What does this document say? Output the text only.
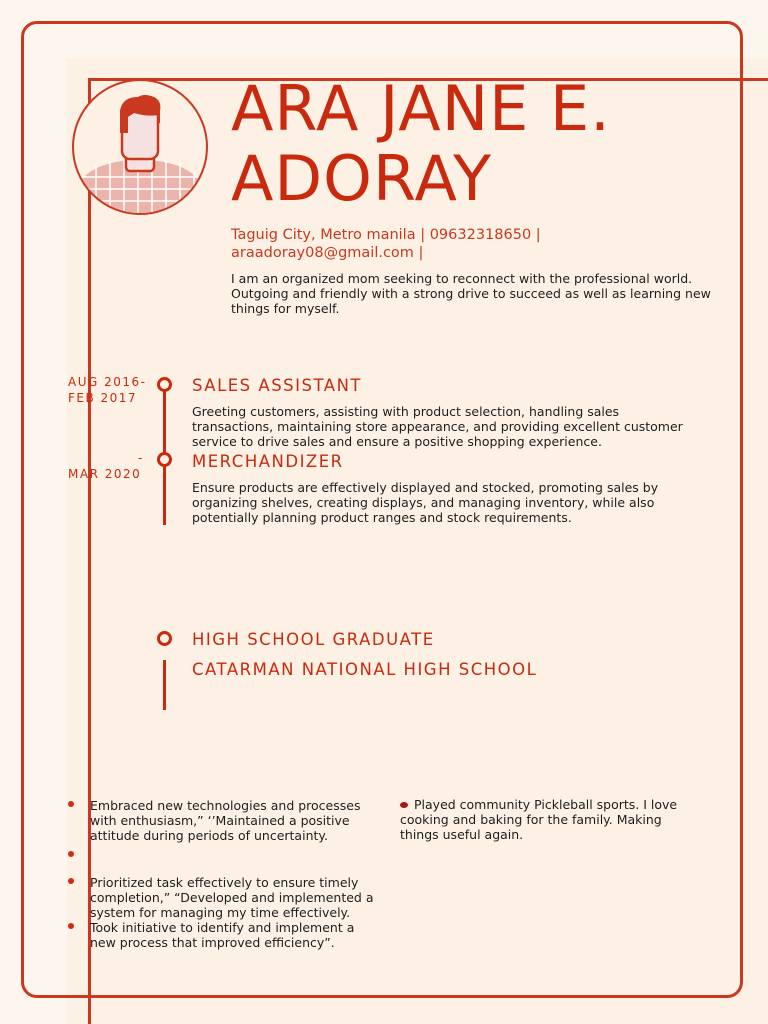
ARA JANE E.
ADORAY
Taguig City, Metro manila | 09632318650 |
araadoray08@gmail.com |
I am an organized mom seeking to reconnect with the professional world. Outgoing and friendly with a strong drive to succeed as well as learning new things for myself.
AUG 2016-
FEB 2017
SALES ASSISTANT
Greeting customers, assisting with product selection, handling sales transactions, maintaining store appearance, and providing excellent customer service to drive sales and ensure a positive shopping experience.
-
MAR 2020
MERCHANDIZER
Ensure products are effectively displayed and stocked, promoting sales by organizing shelves, creating displays, and managing inventory, while also potentially planning product ranges and stock requirements.
HIGH SCHOOL GRADUATE
CATARMAN NATIONAL HIGH SCHOOL
Embraced new technologies and processes with enthusiasm,” ‘’Maintained a positive attitude during periods of uncertainty.
Prioritized task effectively to ensure timely completion,” “Developed and implemented a system for managing my time effectively.
Took initiative to identify and implement a new process that improved efficiency”.
Played community Pickleball sports. I love cooking and baking for the family. Making things useful again.
